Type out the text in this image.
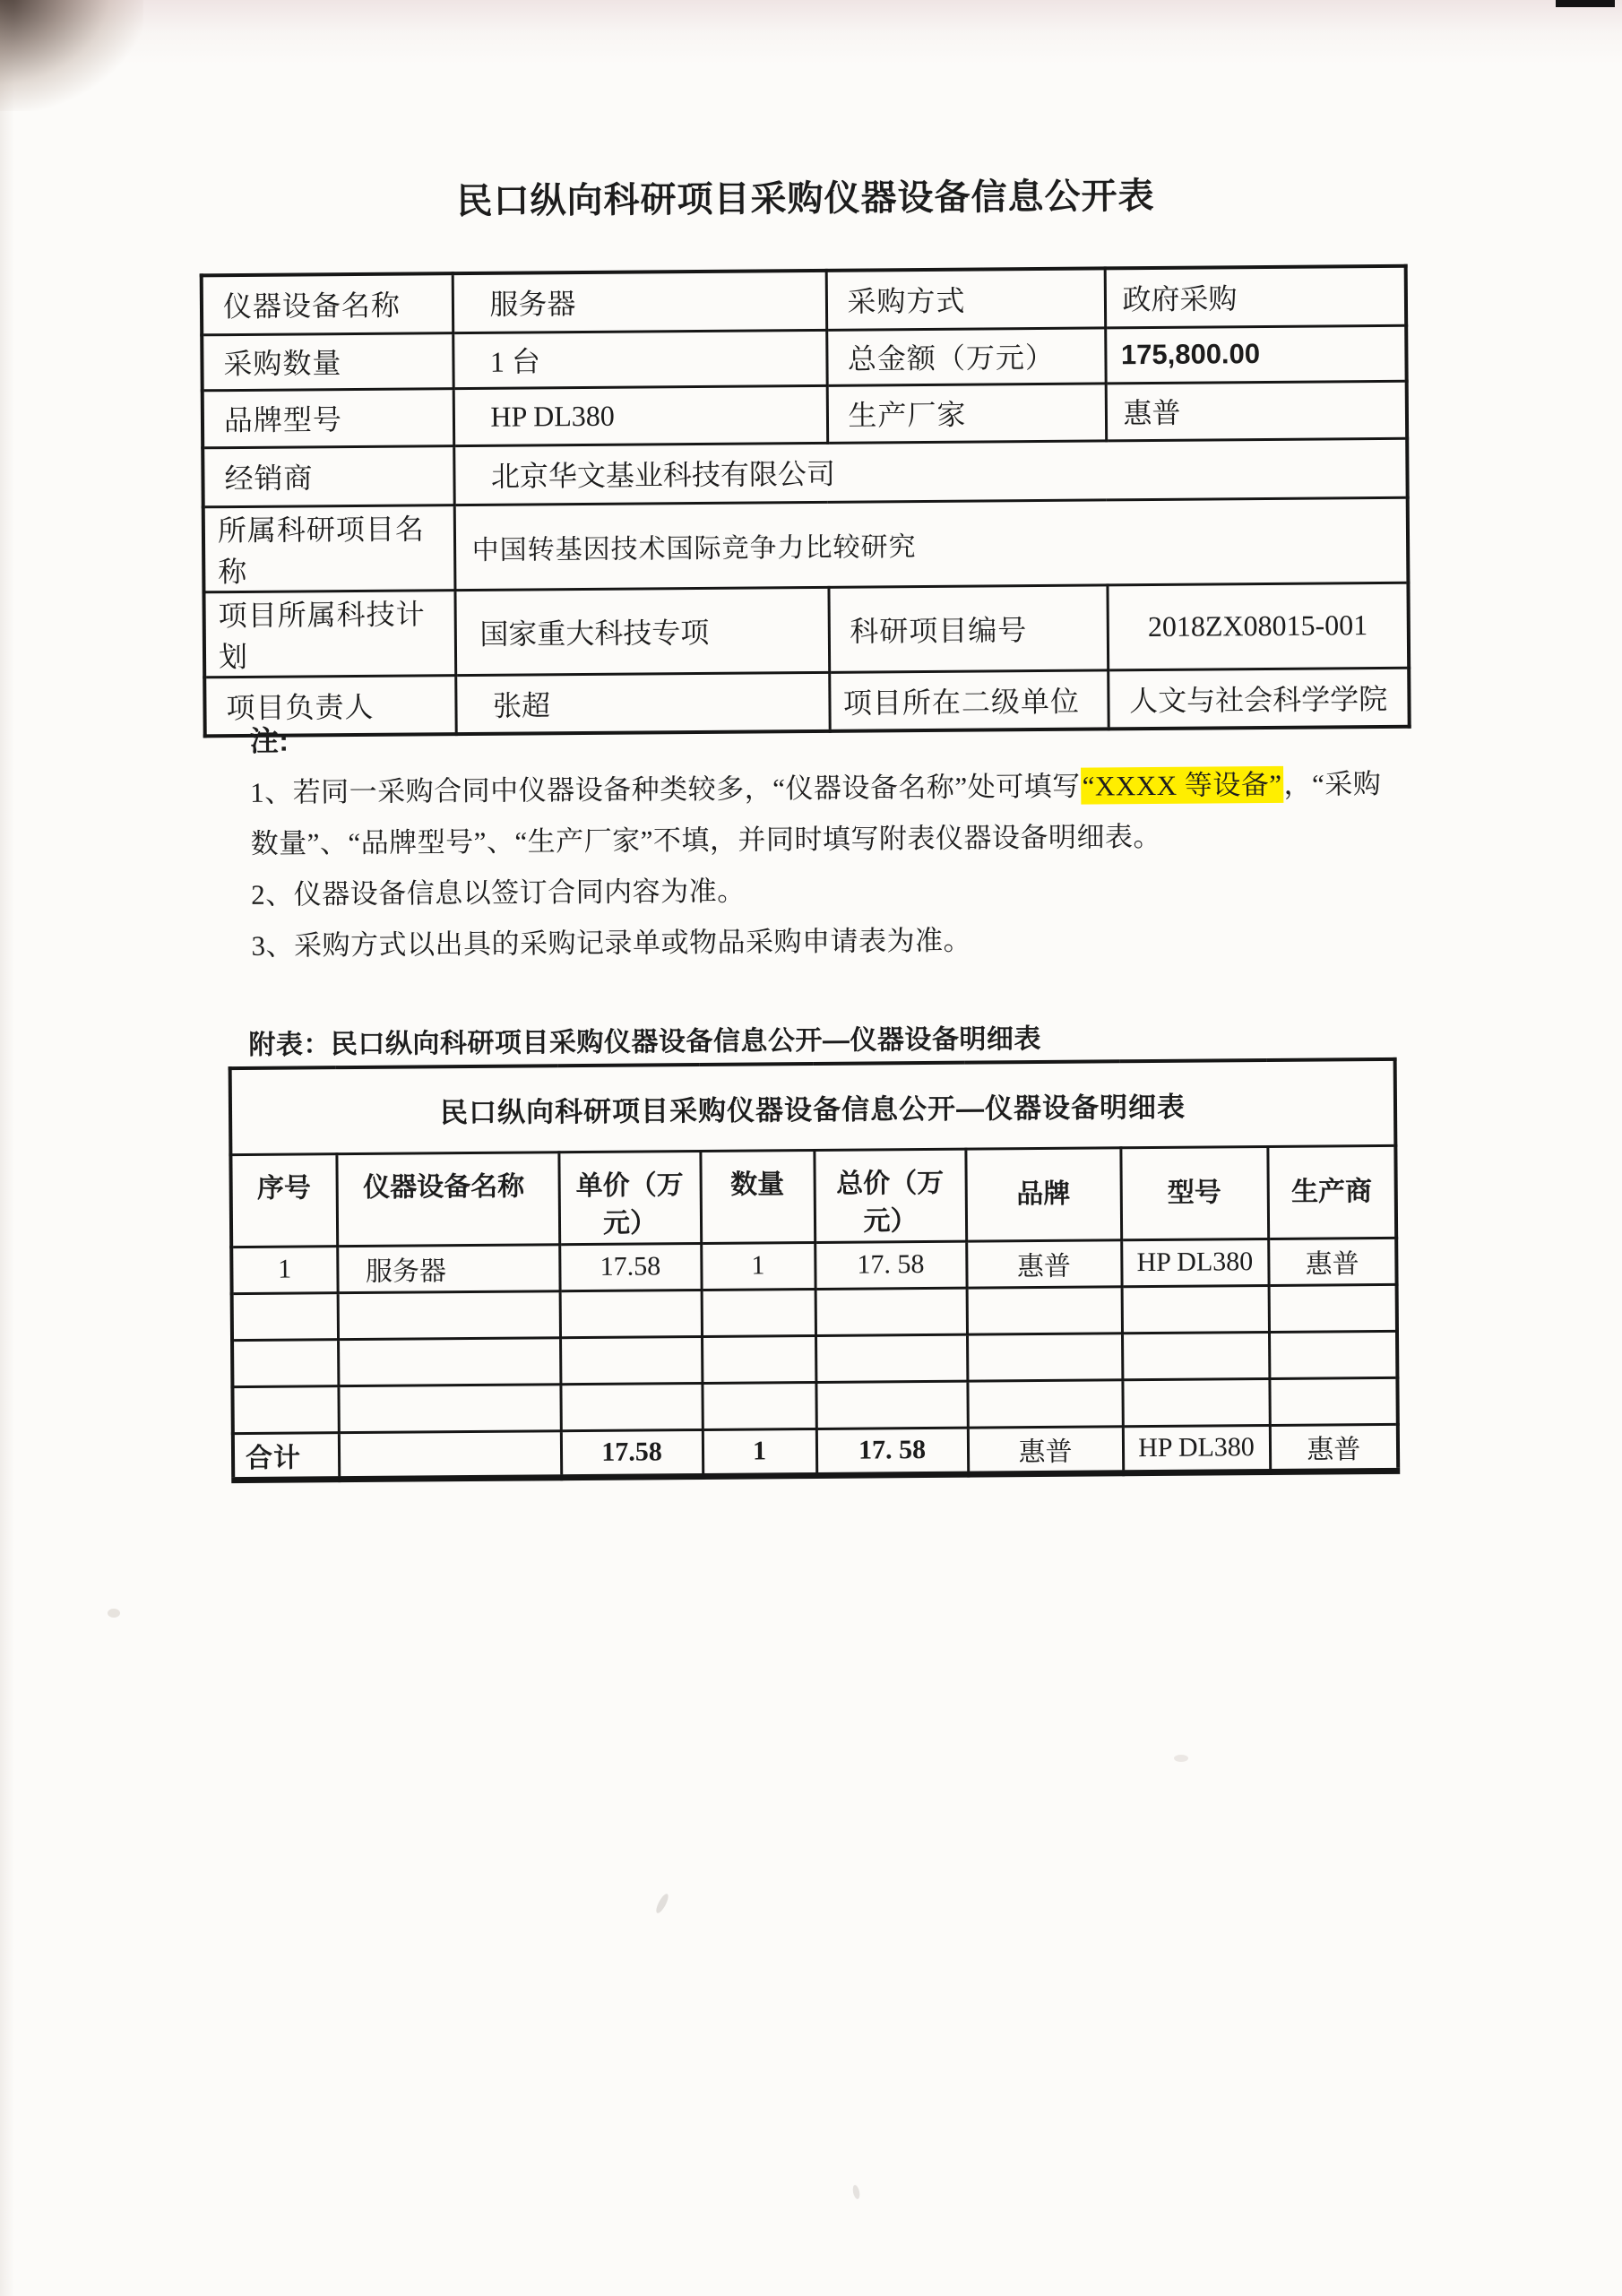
民口纵向科研项目采购仪器设备信息公开表
仪器设备名称	服务器	采购方式	政府采购
采购数量	1 台	总金额（万元）	175,800.00
品牌型号	HP DL380	生产厂家	惠普
经销商	北京华文基业科技有限公司		
所属科研项目名称	中国转基因技术国际竞争力比较研究		
项目所属科技计划	国家重大科技专项	科研项目编号	2018ZX08015-001
项目负责人	张超	项目所在二级单位	人文与社会科学学院
注:

1、若同一采购合同中仪器设备种类较多，“仪器设备名称”处可填写“XXXX 等设备”，“采购数量”、“品牌型号”、“生产厂家”不填，并同时填写附表仪器设备明细表。

2、仪器设备信息以签订合同内容为准。

3、采购方式以出具的采购记录单或物品采购申请表为准。

附表：民口纵向科研项目采购仪器设备信息公开—仪器设备明细表
民口纵向科研项目采购仪器设备信息公开—仪器设备明细表							
序号	仪器设备名称	单价（万元）	数量	总价（万元）	品牌	型号	生产商
1	服务器	17.58	1	17. 58	惠普	HP DL380	惠普

合计		17.58	1	17. 58	惠普	HP DL380	惠普
